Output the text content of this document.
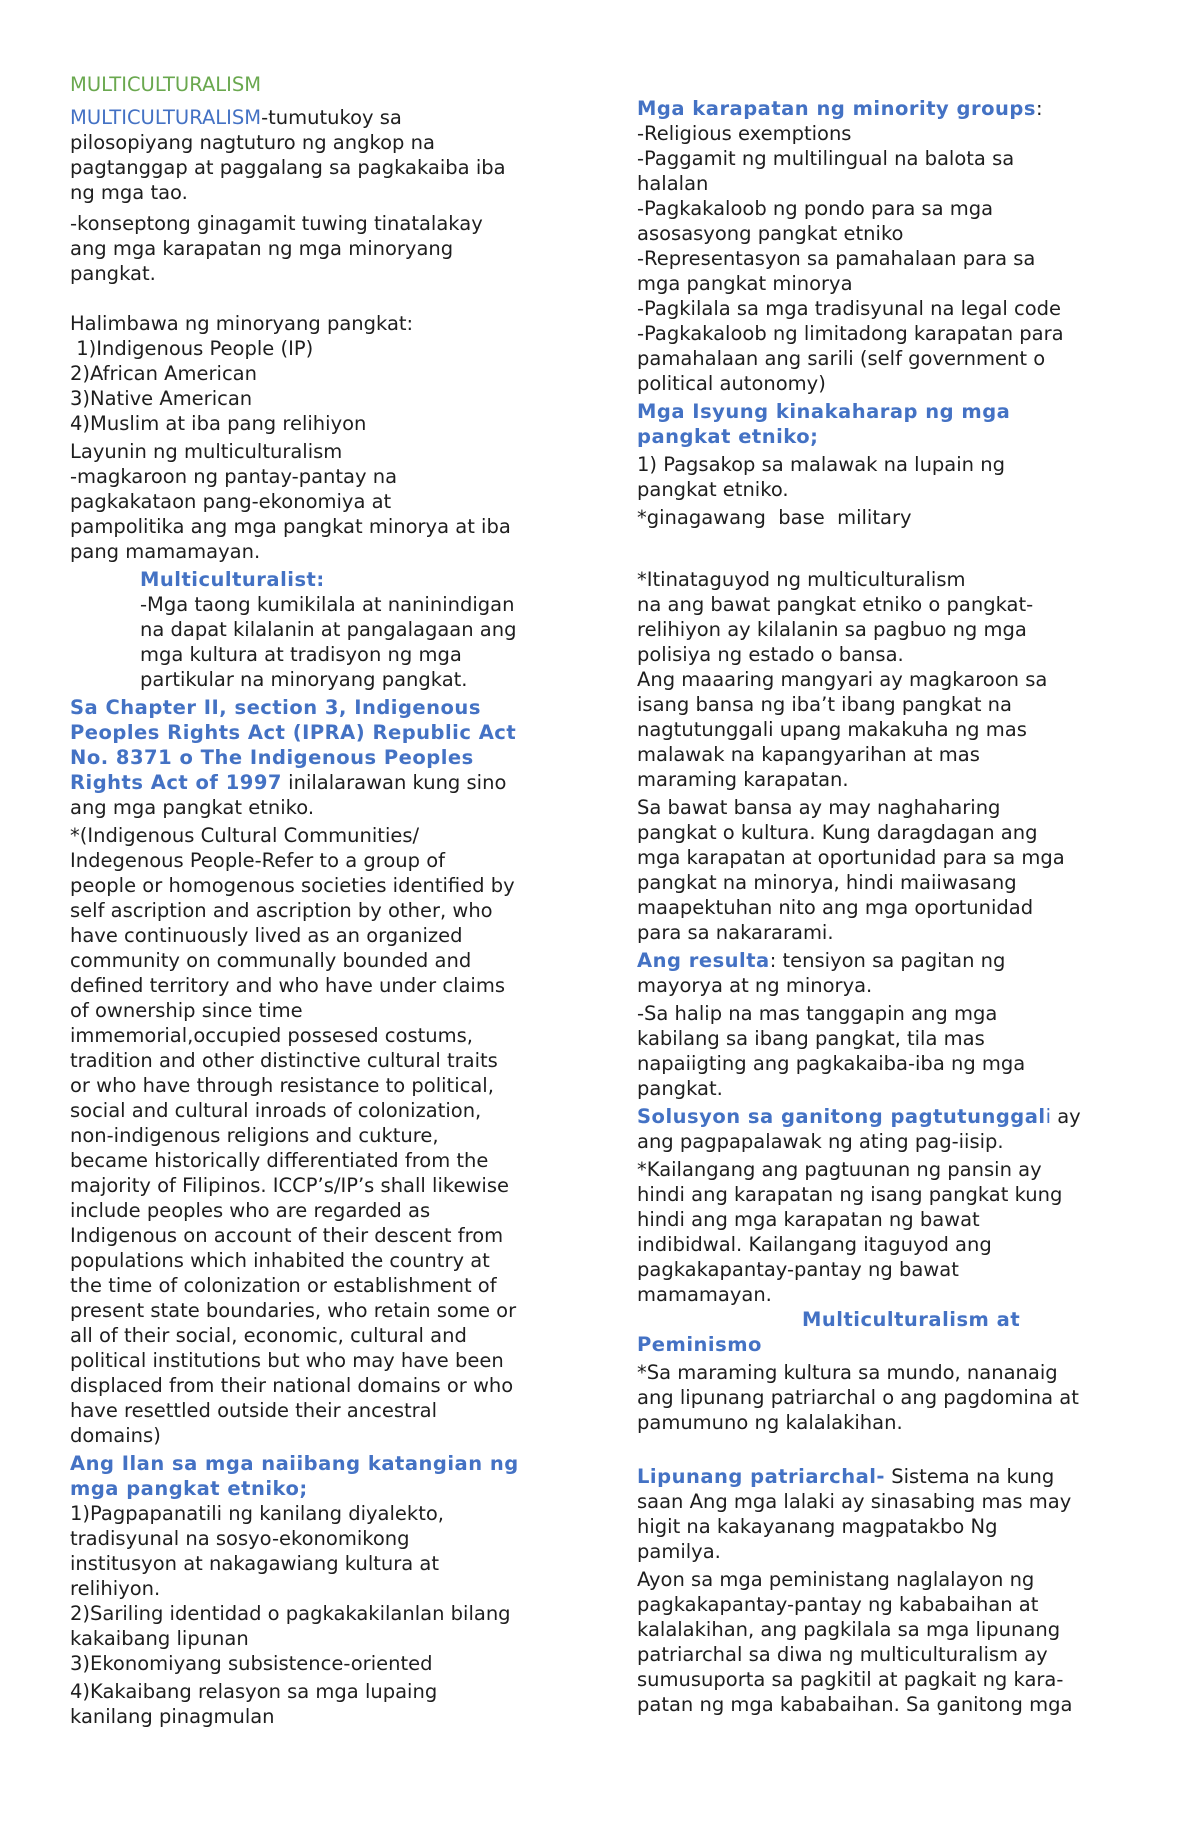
MULTICULTURALISM
MULTICULTURALISM-tumutukoy sa
pilosopiyang nagtuturo ng angkop na
pagtanggap at paggalang sa pagkakaiba iba
ng mga tao.
-konseptong ginagamit tuwing tinatalakay
ang mga karapatan ng mga minoryang
pangkat.
Halimbawa ng minoryang pangkat:
1)Indigenous People (IP)
2)African American
3)Native American
4)Muslim at iba pang relihiyon
Layunin ng multiculturalism
-magkaroon ng pantay-pantay na
pagkakataon pang-ekonomiya at
pampolitika ang mga pangkat minorya at iba
pang mamamayan.
Multiculturalist:
-Mga taong kumikilala at naninindigan
na dapat kilalanin at pangalagaan ang
mga kultura at tradisyon ng mga
partikular na minoryang pangkat.
Sa Chapter II, section 3, Indigenous
Peoples Rights Act (IPRA) Republic Act
No. 8371 o The Indigenous Peoples
Rights Act of 1997 inilalarawan kung sino
ang mga pangkat etniko.
*(Indigenous Cultural Communities/
Indegenous People-Refer to a group of
people or homogenous societies identified by
self ascription and ascription by other, who
have continuously lived as an organized
community on communally bounded and
defined territory and who have under claims
of ownership since time
immemorial,occupied possesed costums,
tradition and other distinctive cultural traits
or who have through resistance to political,
social and cultural inroads of colonization,
non-indigenous religions and cukture,
became historically differentiated from the
majority of Filipinos. ICCP’s/IP’s shall likewise
include peoples who are regarded as
Indigenous on account of their descent from
populations which inhabited the country at
the time of colonization or establishment of
present state boundaries, who retain some or
all of their social, economic, cultural and
political institutions but who may have been
displaced from their national domains or who
have resettled outside their ancestral
domains)
Ang Ilan sa mga naiibang katangian ng
mga pangkat etniko;
1)Pagpapanatili ng kanilang diyalekto,
tradisyunal na sosyo-ekonomikong
institusyon at nakagawiang kultura at
relihiyon.
2)Sariling identidad o pagkakakilanlan bilang
kakaibang lipunan
3)Ekonomiyang subsistence-oriented
4)Kakaibang relasyon sa mga lupaing
kanilang pinagmulan
Mga karapatan ng minority groups:
-Religious exemptions
-Paggamit ng multilingual na balota sa
halalan
-Pagkakaloob ng pondo para sa mga
asosasyong pangkat etniko
-Representasyon sa pamahalaan para sa
mga pangkat minorya
-Pagkilala sa mga tradisyunal na legal code
-Pagkakaloob ng limitadong karapatan para
pamahalaan ang sarili (self government o
political autonomy)
Mga Isyung kinakaharap ng mga
pangkat etniko;
1) Pagsakop sa malawak na lupain ng
pangkat etniko.
*ginagawang  base  military
*Itinataguyod ng multiculturalism
na ang bawat pangkat etniko o pangkat-
relihiyon ay kilalanin sa pagbuo ng mga
polisiya ng estado o bansa.
Ang maaaring mangyari ay magkaroon sa
isang bansa ng iba’t ibang pangkat na
nagtutunggali upang makakuha ng mas
malawak na kapangyarihan at mas
maraming karapatan.
Sa bawat bansa ay may naghaharing
pangkat o kultura. Kung daragdagan ang
mga karapatan at oportunidad para sa mga
pangkat na minorya, hindi maiiwasang
maapektuhan nito ang mga oportunidad
para sa nakararami.
Ang resulta: tensiyon sa pagitan ng
mayorya at ng minorya.
-Sa halip na mas tanggapin ang mga
kabilang sa ibang pangkat, tila mas
napaiigting ang pagkakaiba-iba ng mga
pangkat.
Solusyon sa ganitong pagtutunggali ay
ang pagpapalawak ng ating pag-iisip.
*Kailangang ang pagtuunan ng pansin ay
hindi ang karapatan ng isang pangkat kung
hindi ang mga karapatan ng bawat
indibidwal. Kailangang itaguyod ang
pagkakapantay-pantay ng bawat
mamamayan.
Multiculturalism at
Peminismo
*Sa maraming kultura sa mundo, nananaig
ang lipunang patriarchal o ang pagdomina at
pamumuno ng kalalakihan.
Lipunang patriarchal- Sistema na kung
saan Ang mga lalaki ay sinasabing mas may
higit na kakayanang magpatakbo Ng
pamilya.
Ayon sa mga peministang naglalayon ng
pagkakapantay-pantay ng kababaihan at
kalalakihan, ang pagkilala sa mga lipunang
patriarchal sa diwa ng multiculturalism ay
sumusuporta sa pagkitil at pagkait ng kara-
patan ng mga kababaihan. Sa ganitong mga
